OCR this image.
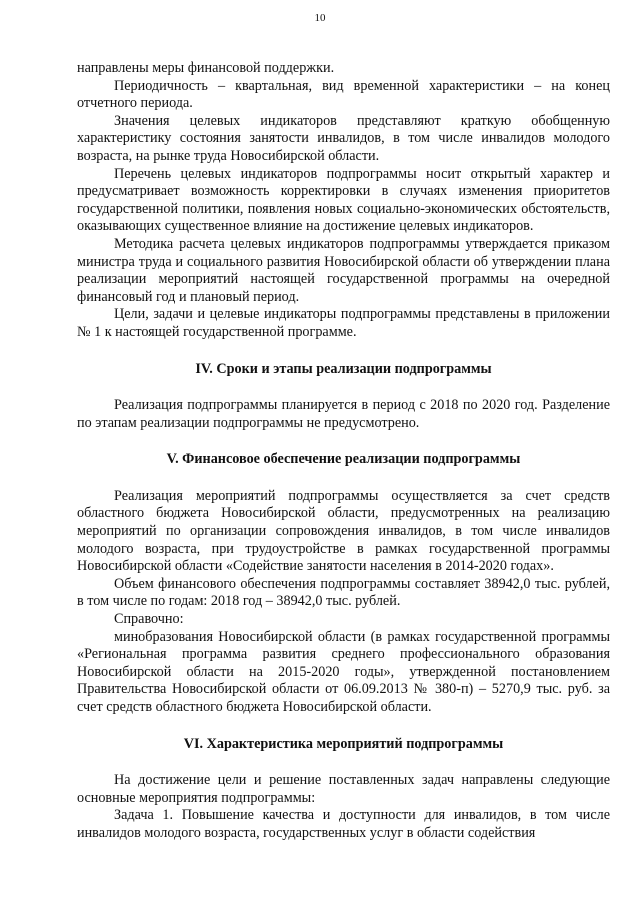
10

направлены меры финансовой поддержки.

Периодичность – квартальная, вид временной характеристики – на конец отчетного периода.

Значения целевых индикаторов представляют краткую обобщенную характеристику состояния занятости инвалидов, в том числе инвалидов молодого возраста, на рынке труда Новосибирской области.

Перечень целевых индикаторов подпрограммы носит открытый характер и предусматривает возможность корректировки в случаях изменения приоритетов государственной политики, появления новых социально-экономических обстоятельств, оказывающих существенное влияние на достижение целевых индикаторов.

Методика расчета целевых индикаторов подпрограммы утверждается приказом министра труда и социального развития Новосибирской области об утверждении плана реализации мероприятий настоящей государственной программы на очередной финансовый год и плановый период.

Цели, задачи и целевые индикаторы подпрограммы представлены в приложении № 1 к настоящей государственной программе.

IV. Сроки и этапы реализации подпрограммы

Реализация подпрограммы планируется в период с 2018 по 2020 год. Разделение по этапам реализации подпрограммы не предусмотрено.

V. Финансовое обеспечение реализации подпрограммы

Реализация мероприятий подпрограммы осуществляется за счет средств областного бюджета Новосибирской области, предусмотренных на реализацию мероприятий по организации сопровождения инвалидов, в том числе инвалидов молодого возраста, при трудоустройстве в рамках государственной программы Новосибирской области «Содействие занятости населения в 2014-2020 годах».

Объем финансового обеспечения подпрограммы составляет 38942,0 тыс. рублей, в том числе по годам: 2018 год – 38942,0 тыс. рублей.

Справочно:

минобразования Новосибирской области (в рамках государственной программы «Региональная программа развития среднего профессионального образования Новосибирской области на 2015-2020 годы», утвержденной постановлением Правительства Новосибирской области от 06.09.2013 № 380-п) – 5270,9 тыс. руб. за счет средств областного бюджета Новосибирской области.

VI. Характеристика мероприятий подпрограммы

На достижение цели и решение поставленных задач направлены следующие основные мероприятия подпрограммы:

Задача 1. Повышение качества и доступности для инвалидов, в том числе инвалидов молодого возраста, государственных услуг в области содействия
